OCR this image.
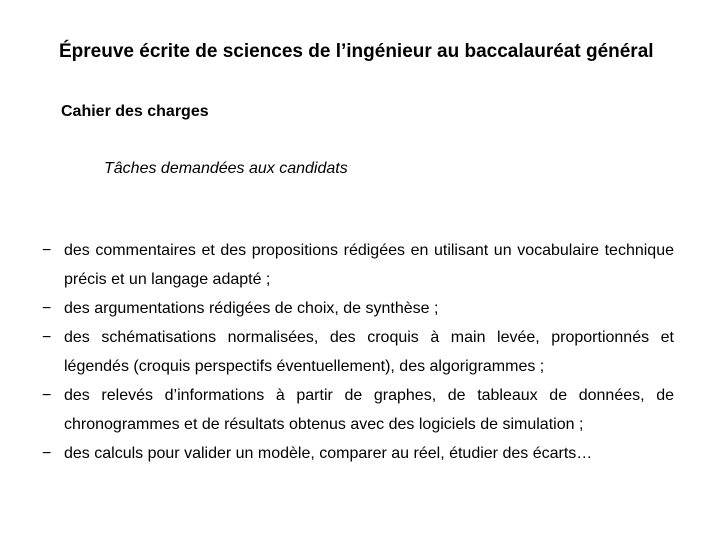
Épreuve écrite de sciences de l’ingénieur au baccalauréat général
Cahier des charges
Tâches demandées aux candidats
− des commentaires et des propositions rédigées en utilisant un vocabulaire technique précis et un langage adapté ;
− des argumentations rédigées de choix, de synthèse ;
− des schématisations normalisées, des croquis à main levée, proportionnés et légendés (croquis perspectifs éventuellement), des algorigrammes ;
− des relevés d’informations à partir de graphes, de tableaux de données, de chronogrammes et de résultats obtenus avec des logiciels de simulation ;
− des calculs pour valider un modèle, comparer au réel, étudier des écarts…
